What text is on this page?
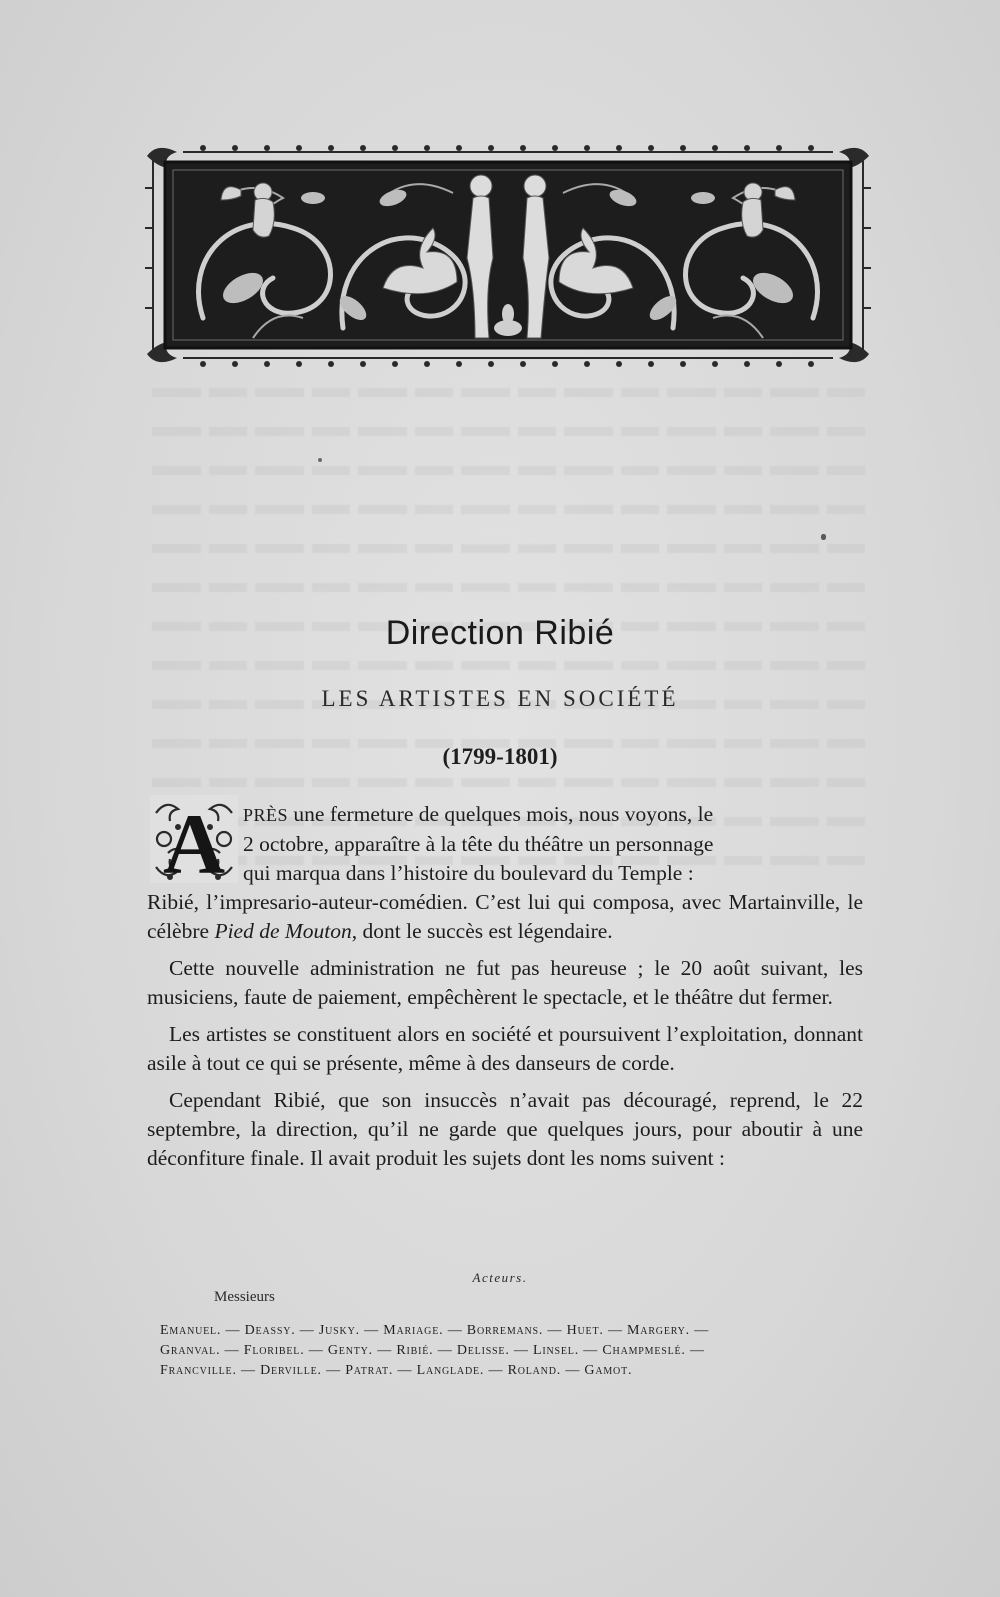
Direction Ribié
LES ARTISTES EN SOCIÉTÉ
(1799-1801)
A PRÈS une fermeture de quelques mois, nous voyons, le
2 octobre, apparaître à la tête du théâtre un personnage
qui marqua dans l’histoire du boulevard du Temple :
Ribié, l’impresario-auteur-comédien. C’est lui qui composa, avec Martainville, le célèbre Pied de Mouton, dont le succès est légendaire.

Cette nouvelle administration ne fut pas heureuse ; le 20 août suivant, les musiciens, faute de paiement, empêchèrent le spectacle, et le théâtre dut fermer.

Les artistes se constituent alors en société et poursuivent l’exploitation, donnant asile à tout ce qui se présente, même à des danseurs de corde.

Cependant Ribié, que son insuccès n’avait pas découragé, reprend, le 22 septembre, la direction, qu’il ne garde que quelques jours, pour aboutir à une déconfiture finale. Il avait produit les sujets dont les noms suivent :

Acteurs.
Messieurs
Emanuel. — Deassy. — Jusky. — Mariage. — Borremans. — Huet. — Margery. —
Granval. — Floribel. — Genty. — Ribié. — Delisse. — Linsel. — Champmeslé. —
Francville. — Derville. — Patrat. — Langlade. — Roland. — Gamot.
